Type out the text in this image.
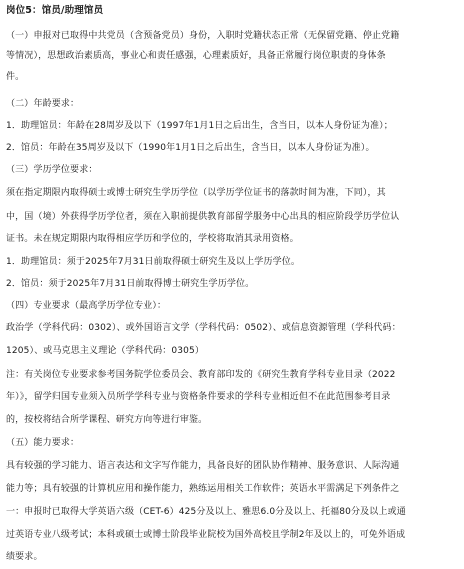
岗位5：馆员/助理馆员
（一）申报对已取得中共党员（含预备党员）身份，入职时党籍状态正常（无保留党籍、停止党籍
等情况），思想政治素质高，事业心和责任感强，心理素质好，具备正常履行岗位职责的身体条
件。
（二）年龄要求：
1．助理馆员：年龄在28周岁及以下（1997年1月1日之后出生，含当日，以本人身份证为准）；
2．馆员：年龄在35周岁及以下（1990年1月1日之后出生，含当日，以本人身份证为准）。
（三）学历学位要求：
须在指定期限内取得硕士或博士研究生学历学位（以学历学位证书的落款时间为准，下同），其
中，国（境）外获得学历学位者，须在入职前提供教育部留学服务中心出具的相应阶段学历学位认
证书。未在规定期限内取得相应学历和学位的，学校将取消其录用资格。
1．助理馆员：须于2025年7月31日前取得硕士研究生及以上学历学位。
2．馆员：须于2025年7月31日前取得博士研究生学历学位。
（四）专业要求（最高学历学位专业）：
政治学（学科代码：0302）、或外国语言文学（学科代码：0502）、或信息资源管理（学科代码：
1205）、或马克思主义理论（学科代码：0305）
注：有关岗位专业要求参考国务院学位委员会、教育部印发的《研究生教育学科专业目录（2022
年）》，留学归国专业须入员所学学科专业与资格条件要求的学科专业相近但不在此范围参考目录
的，按校将结合所学课程、研究方向等进行审鉴。
（五）能力要求：
具有较强的学习能力、语言表达和文字写作能力，具备良好的团队协作精神、服务意识、人际沟通
能力等；具有较强的计算机应用和操作能力，熟练运用相关工作软件；英语水平需满足下列条件之
一：申报时已取得大学英语六级（CET-6）425分及以上、雅思6.0分及以上、托福80分及以上或通
过英语专业八级考试；本科或硕士或博士阶段毕业院校为国外高校且学制2年及以上的，可免外语成
绩要求。
